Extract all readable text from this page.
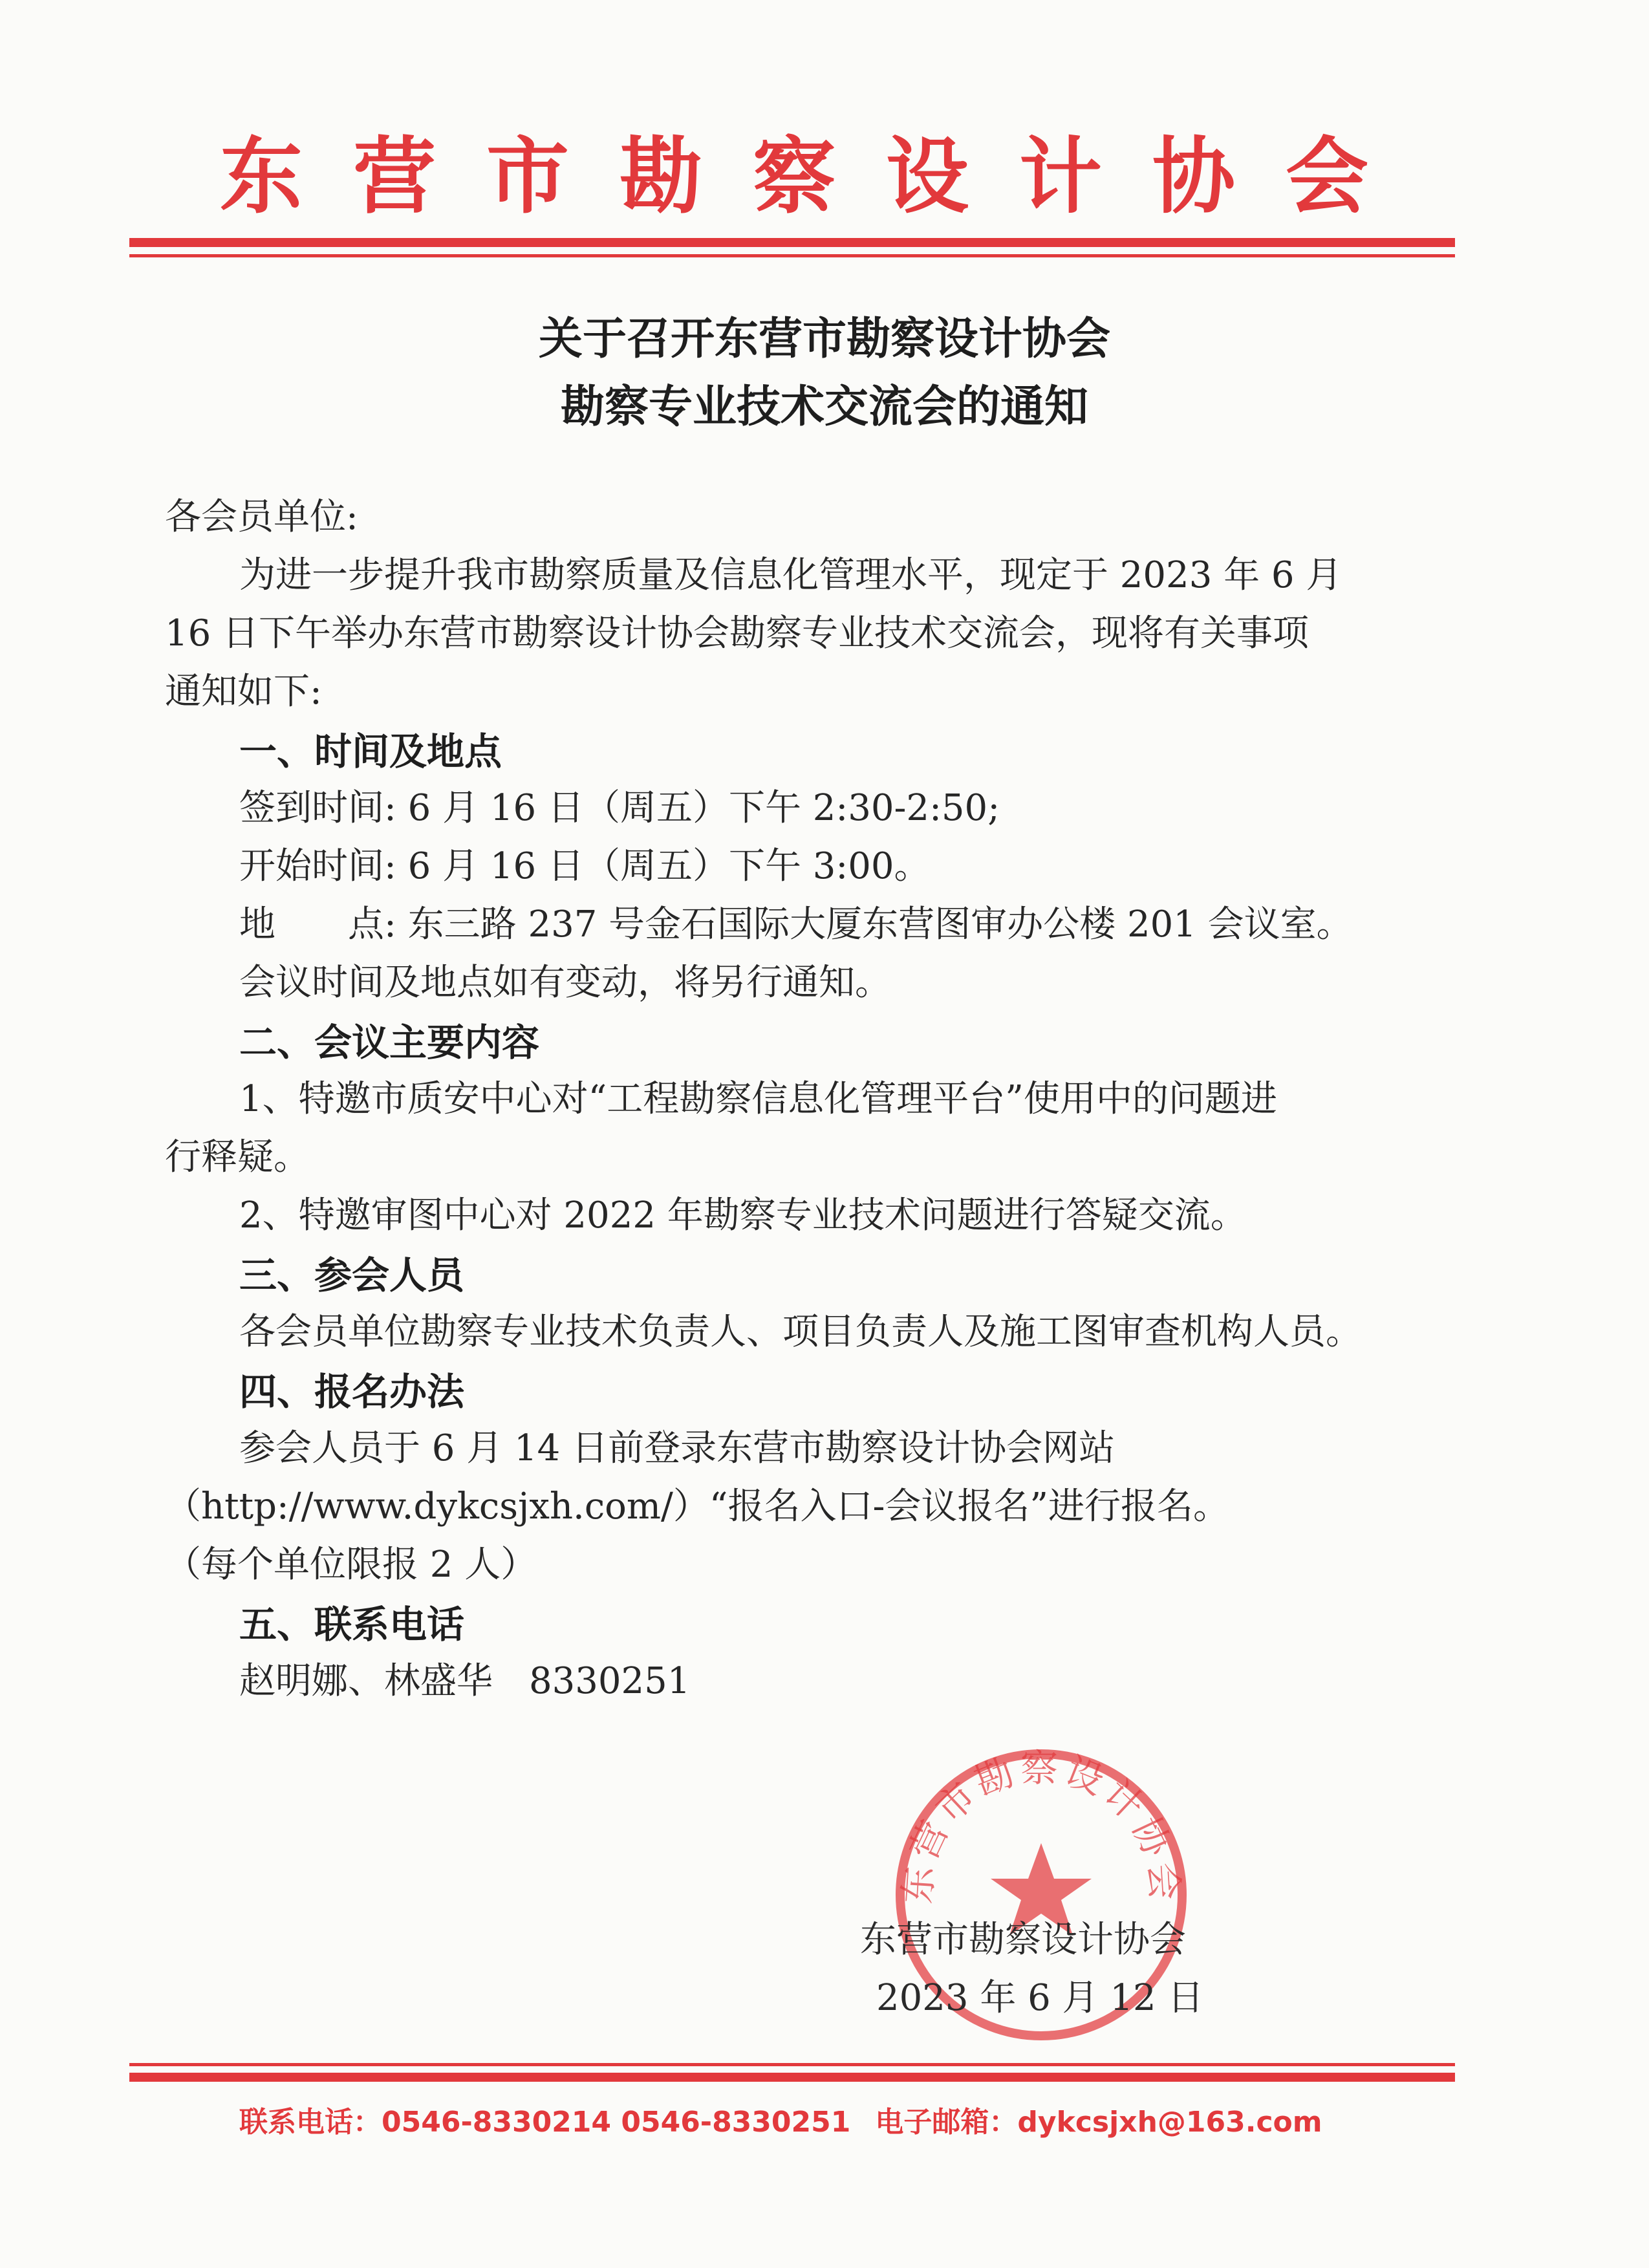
东营市勘察设计协会
关于召开东营市勘察设计协会
勘察专业技术交流会的通知
各会员单位:
为进一步提升我市勘察质量及信息化管理水平，现定于 2023 年 6 月
16 日下午举办东营市勘察设计协会勘察专业技术交流会，现将有关事项
通知如下:
一、时间及地点
签到时间: 6 月 16 日（周五）下午 2:30-2:50;
开始时间: 6 月 16 日（周五）下午 3:00。
地　　点: 东三路 237 号金石国际大厦东营图审办公楼 201 会议室。
会议时间及地点如有变动，将另行通知。
二、会议主要内容
1、特邀市质安中心对“工程勘察信息化管理平台”使用中的问题进
行释疑。
2、特邀审图中心对 2022 年勘察专业技术问题进行答疑交流。
三、参会人员
各会员单位勘察专业技术负责人、项目负责人及施工图审查机构人员。
四、报名办法
参会人员于 6 月 14 日前登录东营市勘察设计协会网站
（http://www.dykcsjxh.com/）“报名入口-会议报名”进行报名。
（每个单位限报 2 人）
五、联系电话
赵明娜、林盛华　8330251
东营市勘察设计协会
东营市勘察设计协会
2023 年 6 月 12 日
联系电话：0546-8330214 0546-8330251 电子邮箱：dykcsjxh@163.com
